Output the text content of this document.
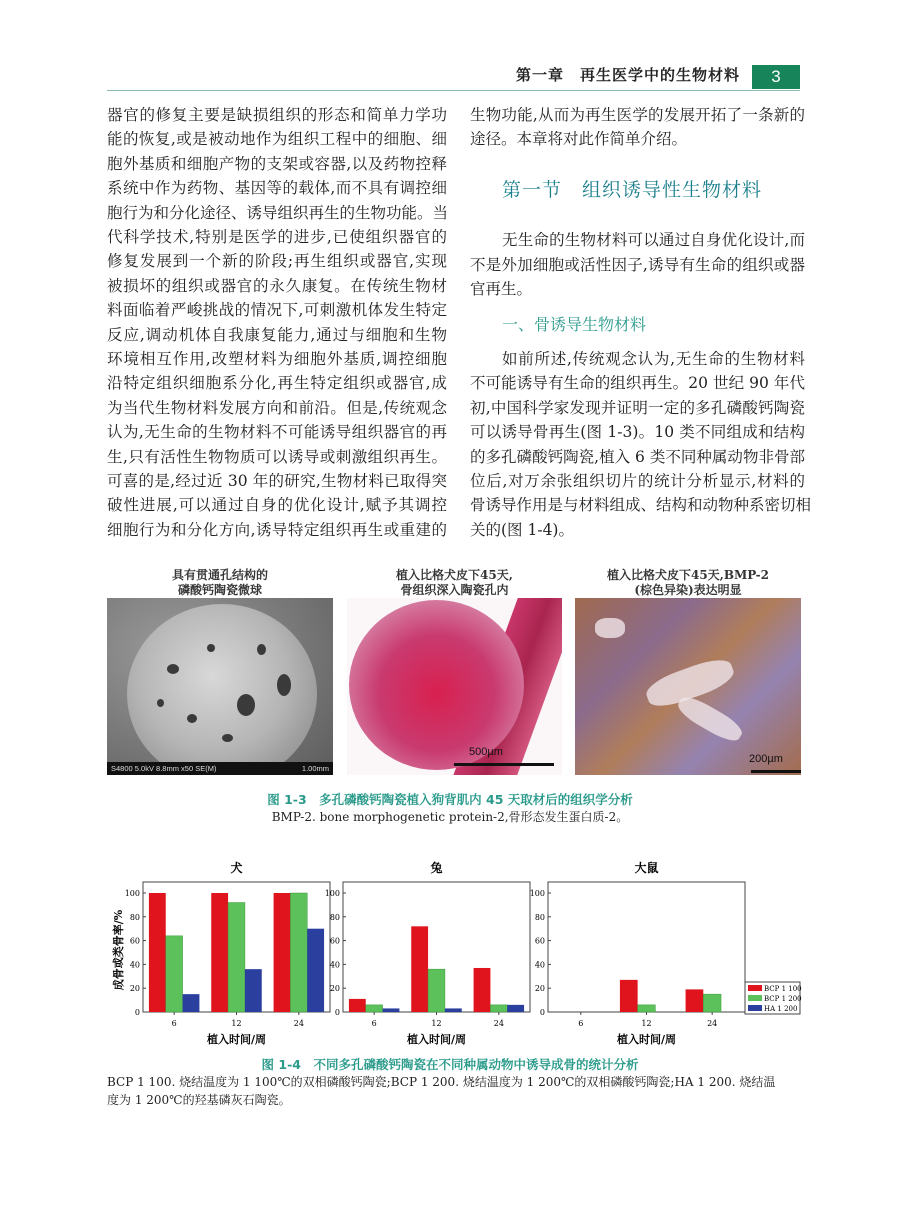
第一章　再生医学中的生物材料	3
器官的修复主要是缺损组织的形态和简单力学功
能的恢复,或是被动地作为组织工程中的细胞、细
胞外基质和细胞产物的支架或容器,以及药物控释
系统中作为药物、基因等的载体,而不具有调控细
胞行为和分化途径、诱导组织再生的生物功能。当
代科学技术,特别是医学的进步,已使组织器官的
修复发展到一个新的阶段;再生组织或器官,实现
被损坏的组织或器官的永久康复。在传统生物材
料面临着严峻挑战的情况下,可刺激机体发生特定
反应,调动机体自我康复能力,通过与细胞和生物
环境相互作用,改塑材料为细胞外基质,调控细胞
沿特定组织细胞系分化,再生特定组织或器官,成
为当代生物材料发展方向和前沿。但是,传统观念
认为,无生命的生物材料不可能诱导组织器官的再
生,只有活性生物物质可以诱导或刺激组织再生。
可喜的是,经过近 30 年的研究,生物材料已取得突
破性进展,可以通过自身的优化设计,赋予其调控
细胞行为和分化方向,诱导特定组织再生或重建的
生物功能,从而为再生医学的发展开拓了一条新的
途径。本章将对此作简单介绍。
第一节　组织诱导性生物材料
无生命的生物材料可以通过自身优化设计,而
不是外加细胞或活性因子,诱导有生命的组织或器
官再生。
一、骨诱导生物材料
如前所述,传统观念认为,无生命的生物材料
不可能诱导有生命的组织再生。20 世纪 90 年代
初,中国科学家发现并证明一定的多孔磷酸钙陶瓷
可以诱导骨再生(图 1-3)。10 类不同组成和结构
的多孔磷酸钙陶瓷,植入 6 类不同种属动物非骨部
位后,对万余张组织切片的统计分析显示,材料的
骨诱导作用是与材料组成、结构和动物种系密切相
关的(图 1-4)。
具有贯通孔结构的
磷酸钙陶瓷微球
植入比格犬皮下45天,
骨组织深入陶瓷孔内
植入比格犬皮下45天,BMP-2
(棕色异染)表达明显
S4800 5.0kV 8.8mm x50 SE(M)	1.00mm
500µm
200µm
图 1-3　多孔磷酸钙陶瓷植入狗背肌内 45 天取材后的组织学分析
BMP-2. bone morphogenetic protein-2,骨形态发生蛋白质-2。
犬
0
20
40
60
80
100
6	12	24
植入时间/周
兔
0
20
40
60
80
100
6	12	24
植入时间/周
大鼠
0
20
40
60
80
100
6	12	24
植入时间/周
成骨或类骨率/%	BCP 1 100
BCP 1 200
HA 1 200
图 1-4　不同多孔磷酸钙陶瓷在不同种属动物中诱导成骨的统计分析
BCP 1 100. 烧结温度为 1 100℃的双相磷酸钙陶瓷;BCP 1 200. 烧结温度为 1 200℃的双相磷酸钙陶瓷;HA 1 200. 烧结温
度为 1 200℃的羟基磷灰石陶瓷。
